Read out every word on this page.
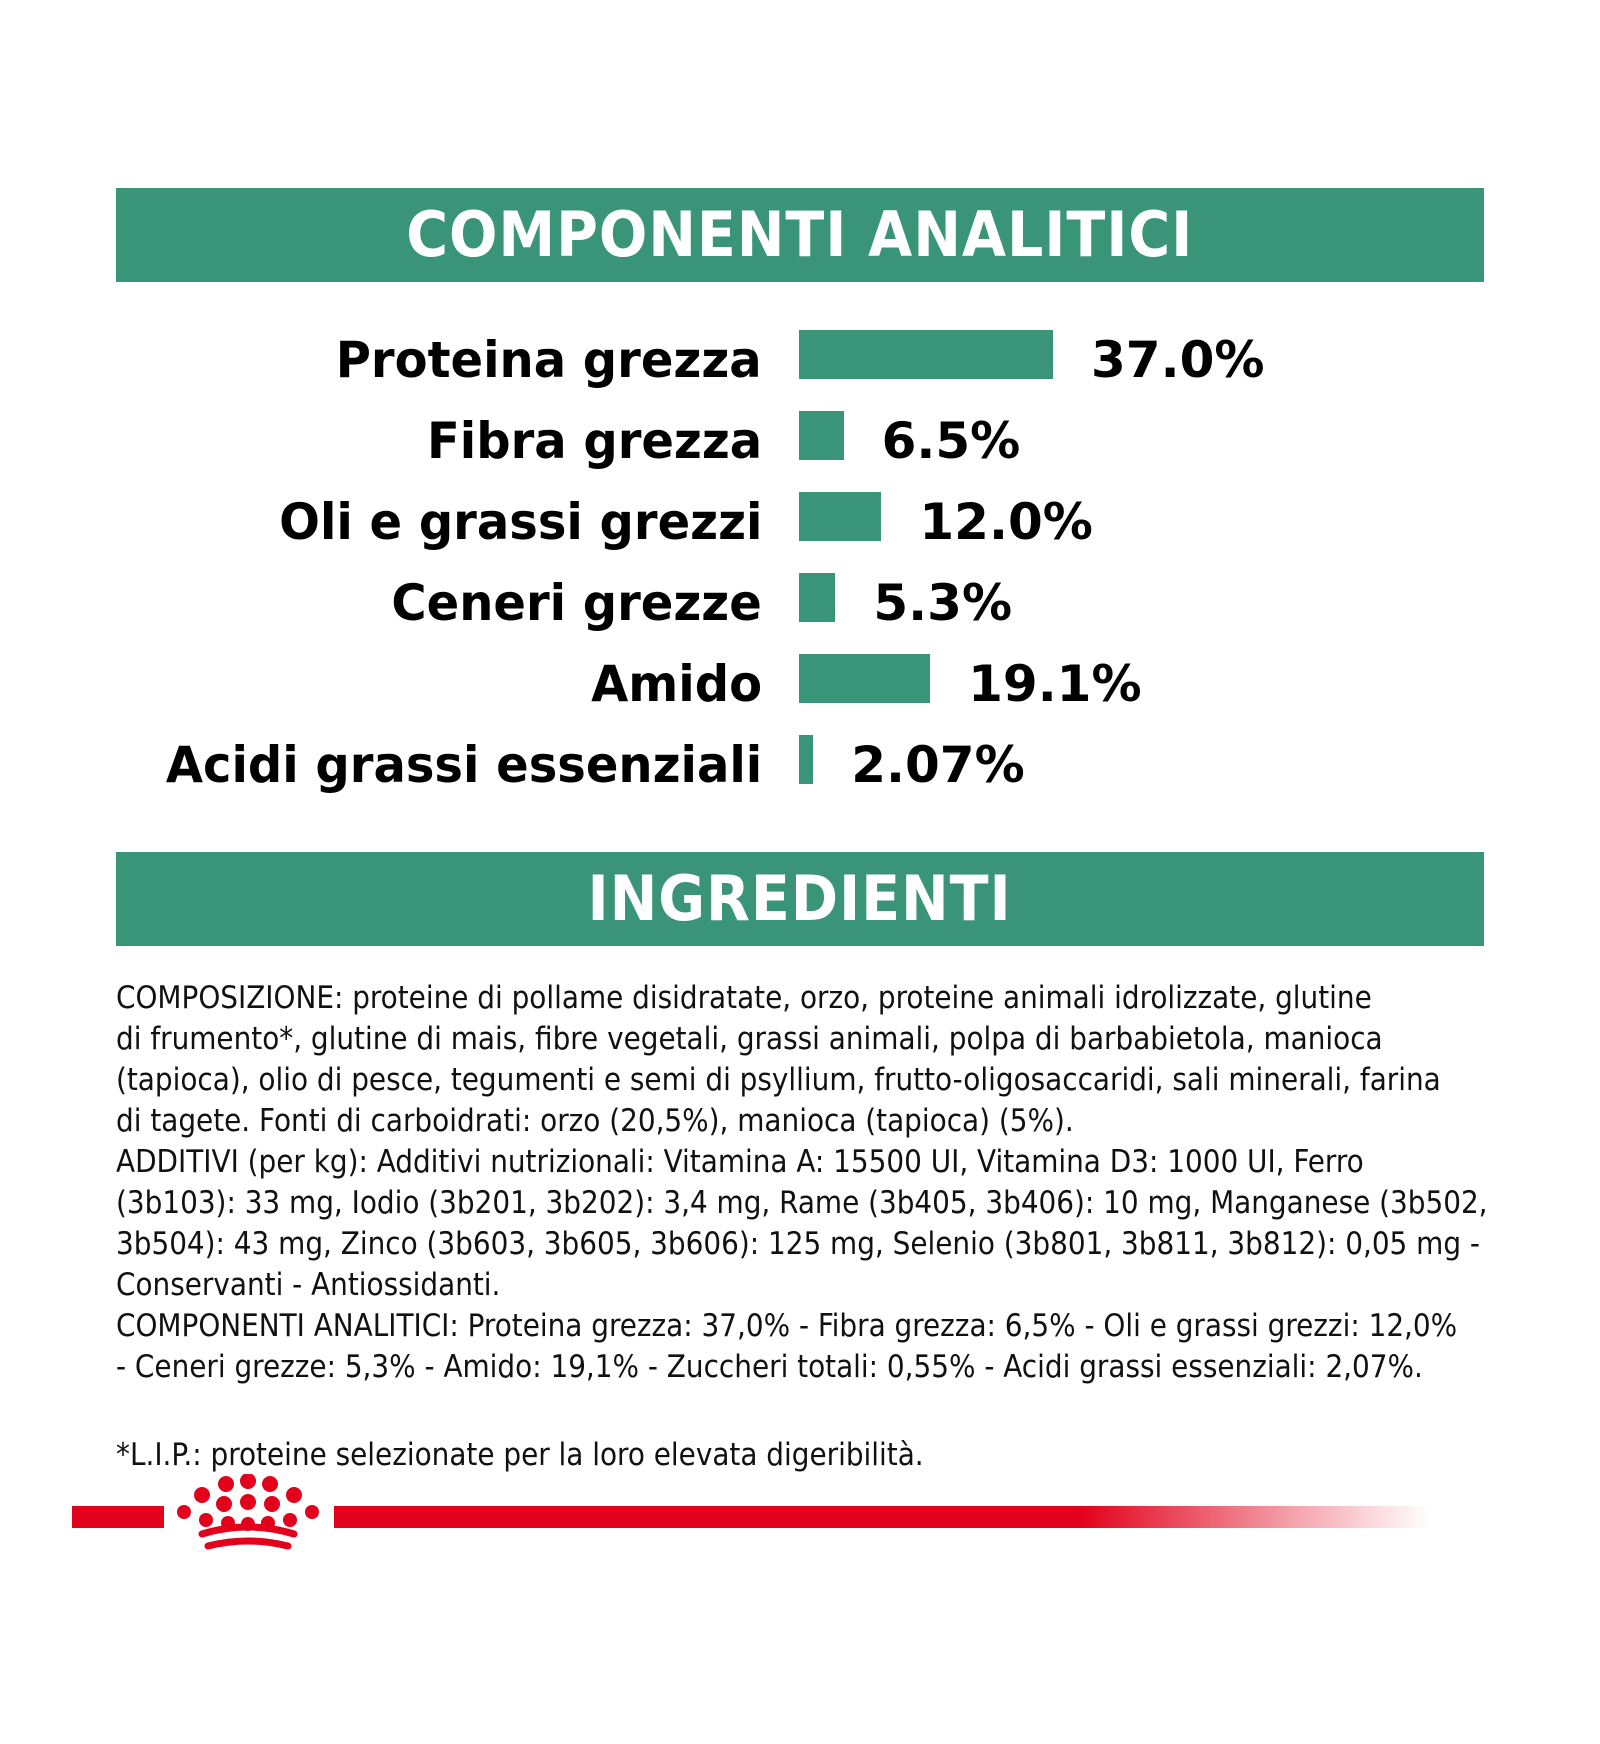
COMPONENTI ANALITICI
Proteina grezza	37.0%
Fibra grezza 6.5%
Oli e grassi grezzi	12.0%
Ceneri grezze 5.3%
Amido	19.1%
Acidi grassi essenziali 2.07%
INGREDIENTI
COMPOSIZIONE: proteine di pollame disidratate, orzo, proteine animali idrolizzate, glutine
di frumento*, glutine di mais, fibre vegetali, grassi animali, polpa di barbabietola, manioca
(tapioca), olio di pesce, tegumenti e semi di psyllium, frutto-oligosaccaridi, sali minerali, farina
di tagete. Fonti di carboidrati: orzo (20,5%), manioca (tapioca) (5%).
ADDITIVI (per kg): Additivi nutrizionali: Vitamina A: 15500 UI, Vitamina D3: 1000 UI, Ferro
(3b103): 33 mg, Iodio (3b201, 3b202): 3,4 mg, Rame (3b405, 3b406): 10 mg, Manganese (3b502,
3b504): 43 mg, Zinco (3b603, 3b605, 3b606): 125 mg, Selenio (3b801, 3b811, 3b812): 0,05 mg -
Conservanti - Antiossidanti.
COMPONENTI ANALITICI: Proteina grezza: 37,0% - Fibra grezza: 6,5% - Oli e grassi grezzi: 12,0%
- Ceneri grezze: 5,3% - Amido: 19,1% - Zuccheri totali: 0,55% - Acidi grassi essenziali: 2,07%.
*L.I.P.: proteine selezionate per la loro elevata digeribilità.
